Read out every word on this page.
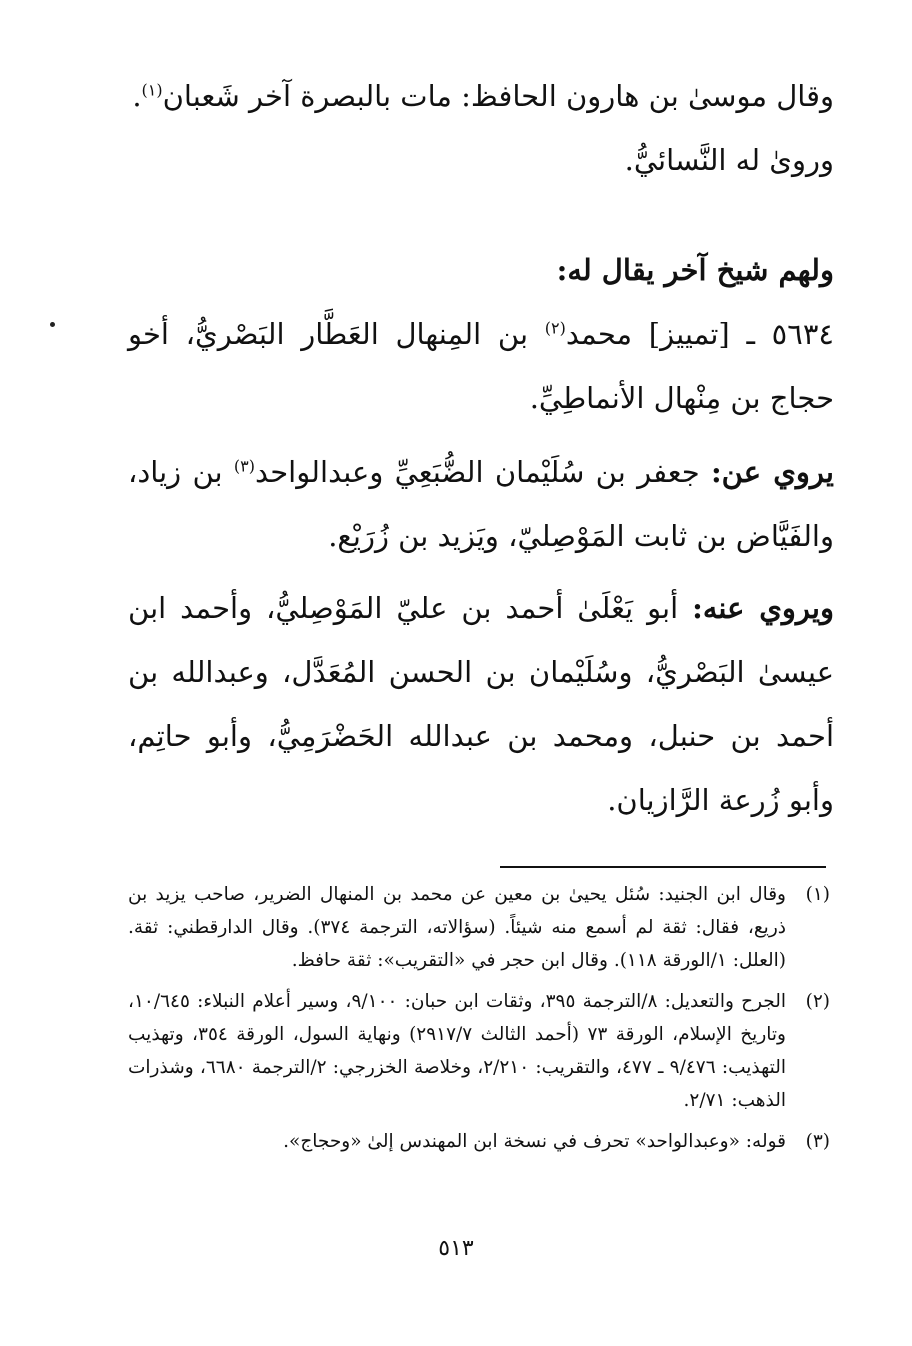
وقال موسىٰ بن هارون الحافظ: مات بالبصرة آخر شَعبان$^{(١)}$.

وروىٰ له النَّسائيُّ.

ولهم شيخ آخر يقال له:

٥٦٣٤ ـ [تمييز] محمد$^{(٢)}$ بن المِنهال العَطَّار البَصْريُّ، أخو حجاج بن مِنْهال الأنماطِيِّ.

يروي عن: جعفر بن سُلَيْمان الضُّبَعِيِّ وعبدالواحد$^{(٣)}$ بن زياد، والفَيَّاض بن ثابت المَوْصِليّ، ويَزيد بن زُرَيْع.

ويروي عنه: أبو يَعْلَىٰ أحمد بن عليّ المَوْصِليُّ، وأحمد ابن عيسىٰ البَصْريُّ، وسُلَيْمان بن الحسن المُعَدَّل، وعبدالله بن أحمد بن حنبل، ومحمد بن عبدالله الحَضْرَمِيُّ، وأبو حاتِم، وأبو زُرعة الرَّازيان.

(١)
وقال ابن الجنيد: سُئل يحيىٰ بن معين عن محمد بن المنهال الضرير، صاحب يزيد بن ذريع، فقال: ثقة لم أسمع منه شيئاً. (سؤالاته، الترجمة ٣٧٤). وقال الدارقطني: ثقة. (العلل: ١/الورقة ١١٨). وقال ابن حجر في «التقريب»: ثقة حافظ.
(٢)
الجرح والتعديل: ٨/الترجمة ٣٩٥، وثقات ابن حبان: ٩/١٠٠، وسير أعلام النبلاء: ١٠/٦٤٥، وتاريخ الإسلام، الورقة ٧٣ (أحمد الثالث ٢٩١٧/٧) ونهاية السول، الورقة ٣٥٤، وتهذيب التهذيب: ٩/٤٧٦ ـ ٤٧٧، والتقريب: ٢/٢١٠، وخلاصة الخزرجي: ٢/الترجمة ٦٦٨٠، وشذرات الذهب: ٢/٧١.
(٣)
قوله: «وعبدالواحد» تحرف في نسخة ابن المهندس إلىٰ «وحجاج».
٥١٣
